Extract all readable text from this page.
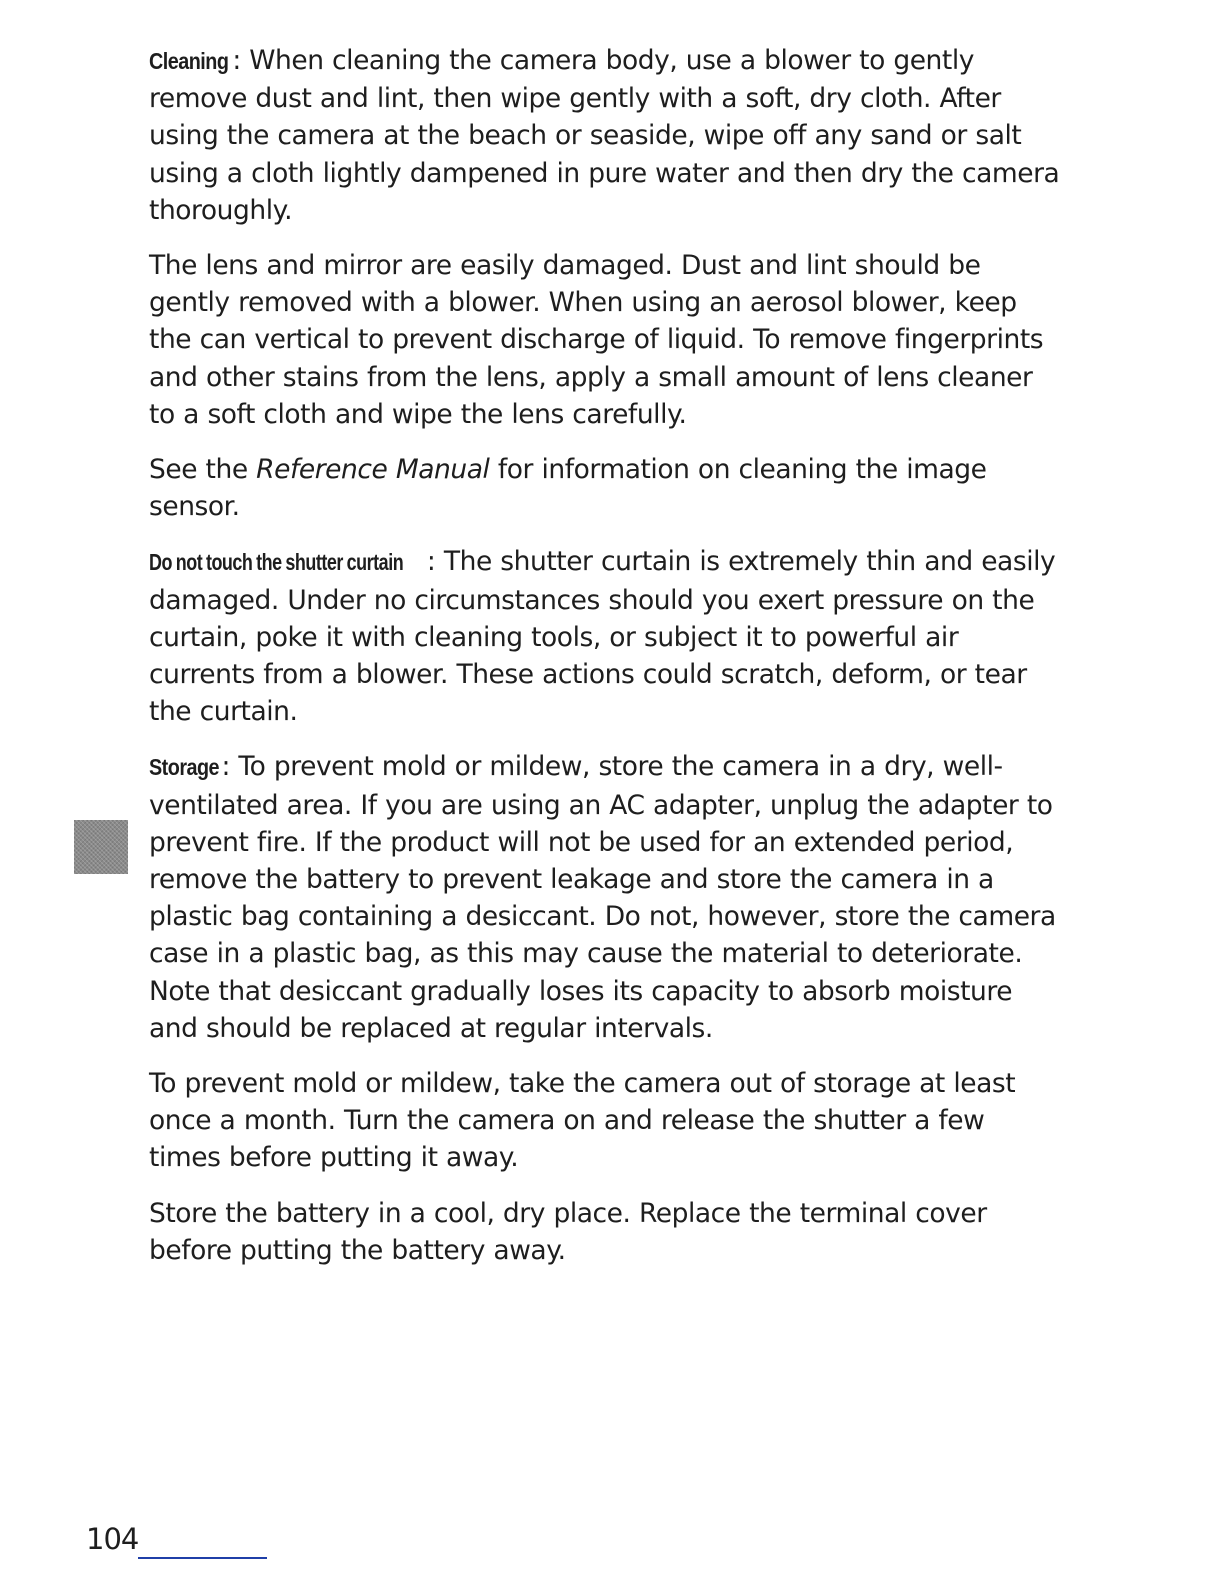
Cleaning : When cleaning the camera body, use a blower to gently remove dust and lint, then wipe gently with a soft, dry cloth. After using the camera at the beach or seaside, wipe off any sand or salt using a cloth lightly dampened in pure water and then dry the camera thoroughly.

The lens and mirror are easily damaged. Dust and lint should be gently removed with a blower. When using an aerosol blower, keep the can vertical to prevent discharge of liquid. To remove fingerprints and other stains from the lens, apply a small amount of lens cleaner to a soft cloth and wipe the lens carefully.

See the Reference Manual for information on cleaning the image sensor.

Do not touch the shutter curtain : The shutter curtain is extremely thin and easily damaged. Under no circumstances should you exert pressure on the curtain, poke it with cleaning tools, or subject it to powerful air currents from a blower. These actions could scratch, deform, or tear the curtain.

Storage: To prevent mold or mildew, store the camera in a dry, well-ventilated area. If you are using an AC adapter, unplug the adapter to prevent fire. If the product will not be used for an extended period, remove the battery to prevent leakage and store the camera in a plastic bag containing a desiccant. Do not, however, store the camera case in a plastic bag, as this may cause the material to deteriorate. Note that desiccant gradually loses its capacity to absorb moisture and should be replaced at regular intervals.

To prevent mold or mildew, take the camera out of storage at least once a month. Turn the camera on and release the shutter a few times before putting it away.

Store the battery in a cool, dry place. Replace the terminal cover before putting the battery away.

104
